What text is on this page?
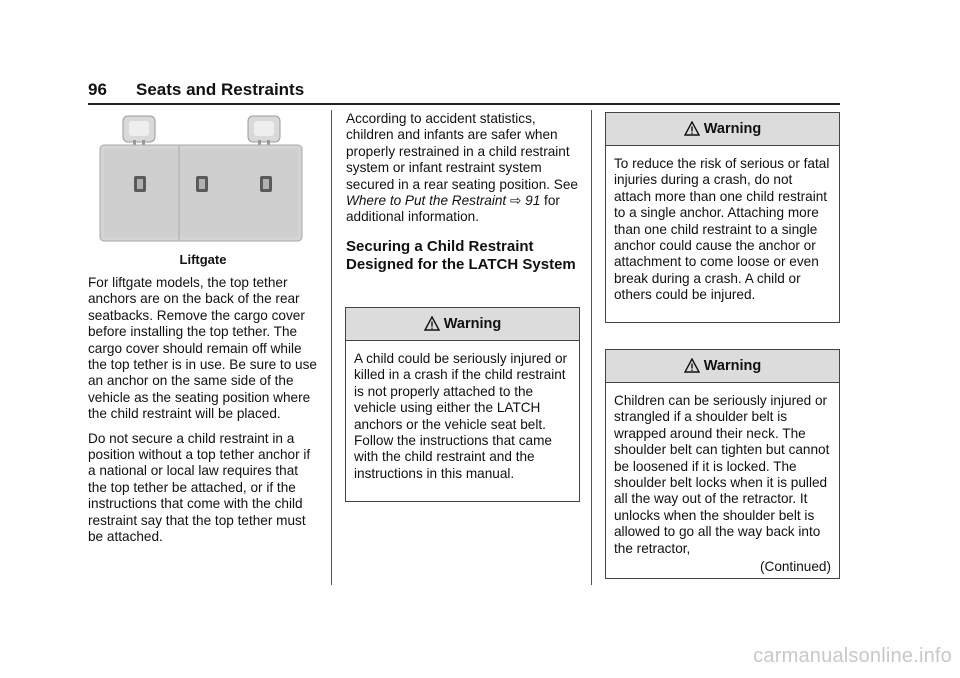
96 Seats and Restraints
Liftgate

For liftgate models, the top tether anchors are on the back of the rear seatbacks. Remove the cargo cover before installing the top tether. The cargo cover should remain off while the top tether is in use. Be sure to use an anchor on the same side of the vehicle as the seating position where the child restraint will be placed.

Do not secure a child restraint in a position without a top tether anchor if a national or local law requires that the top tether be attached, or if the instructions that come with the child restraint say that the top tether must be attached.

According to accident statistics, children and infants are safer when properly restrained in a child restraint system or infant restraint system secured in a rear seating position. See Where to Put the Restraint ⇨ 91 for additional information.

Securing a Child Restraint Designed for the LATCH System
Warning
A child could be seriously injured or killed in a crash if the child restraint is not properly attached to the vehicle using either the LATCH anchors or the vehicle seat belt. Follow the instructions that came with the child restraint and the instructions in this manual.
Warning
To reduce the risk of serious or fatal injuries during a crash, do not attach more than one child restraint to a single anchor. Attaching more than one child restraint to a single anchor could cause the anchor or attachment to come loose or even break during a crash. A child or others could be injured.
Warning
Children can be seriously injured or strangled if a shoulder belt is wrapped around their neck. The shoulder belt can tighten but cannot be loosened if it is locked. The shoulder belt locks when it is pulled all the way out of the retractor. It unlocks when the shoulder belt is allowed to go all the way back into the retractor,
(Continued)
carmanualsonline.info
